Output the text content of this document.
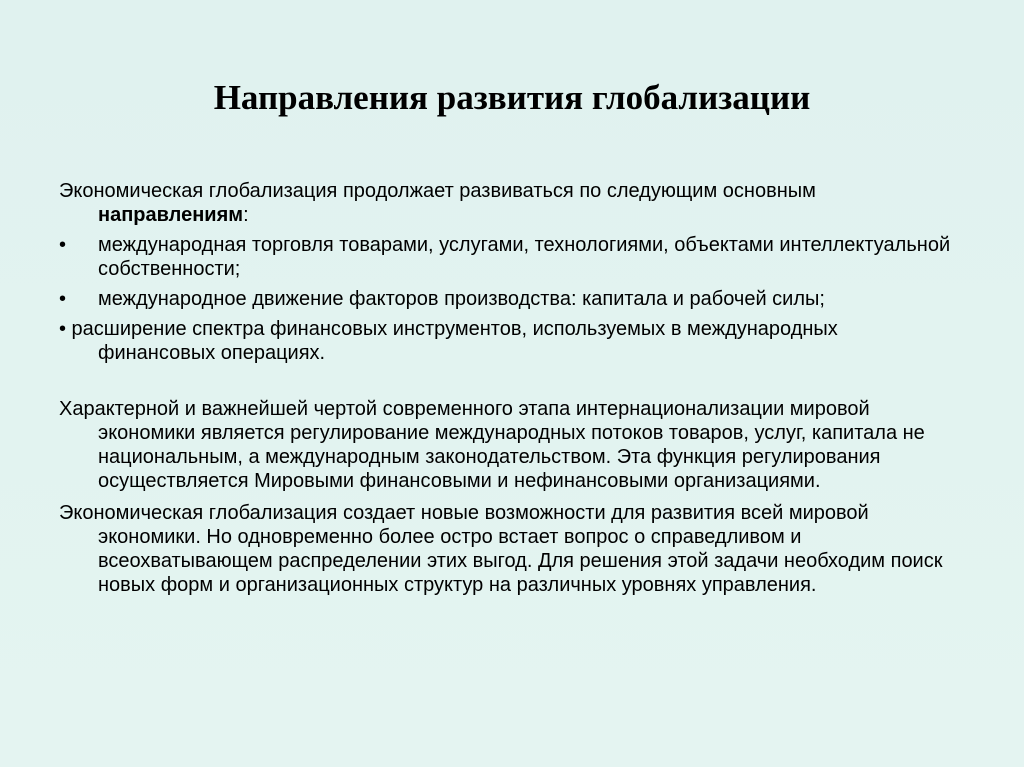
Направления развития глобализации

Экономическая глобализация продолжает развиваться по следующим основным направлениям:

• международная торговля товарами, услугами, технологиями, объектами интеллектуальной собственности;

• международное движение факторов производства: капитала и рабочей силы;

• расширение спектра финансовых инструментов, используемых в международных финансовых операциях.

Характерной и важнейшей чертой современного этапа интернационализации мировой экономики является регулирование международных потоков товаров, услуг, капитала не национальным, а международным законодательством. Эта функция регулирования осуществляется Мировыми финансовыми и нефинансовыми организациями.

Экономическая глобализация создает новые возможности для развития всей мировой экономики. Но одновременно более остро встает вопрос о справедливом и всеохватывающем распределении этих выгод. Для решения этой задачи необходим поиск новых форм и организационных структур на различных уровнях управления.
